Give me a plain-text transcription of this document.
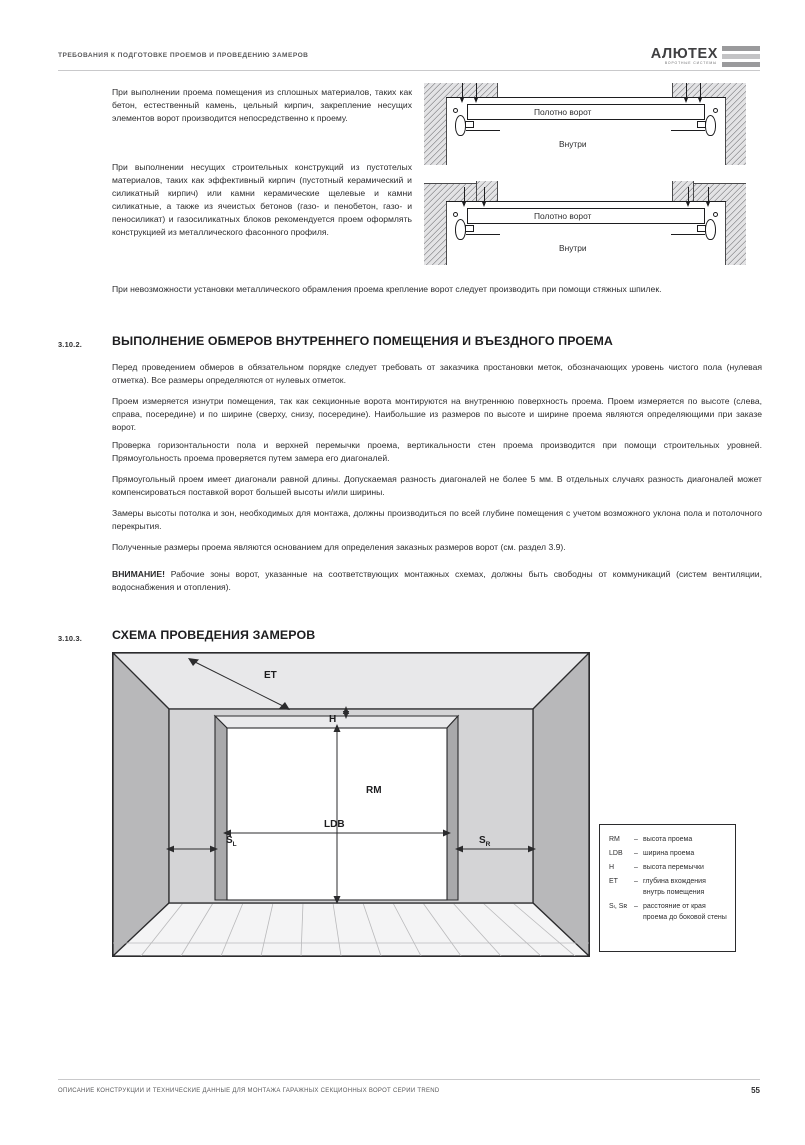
ТРЕБОВАНИЯ К ПОДГОТОВКЕ ПРОЕМОВ И ПРОВЕДЕНИЮ ЗАМЕРОВ	АЛЮТЕХ
ВОРОТНЫЕ СИСТЕМЫ
При выполнении проема помещения из сплошных материалов, таких как бетон, естественный камень, цельный кирпич, закрепление несущих элементов ворот производится непосредственно к проему.
При выполнении несущих строительных конструкций из пустотелых материалов, таких как эффективный кирпич (пустотный керамический и силикатный кирпич) или камни керамические щелевые и камни силикатные, а также из ячеистых бетонов (газо- и пенобетон, газо- и пеносиликат) и газосиликатных блоков рекомендуется проем оформлять конструкцией из металлического фасонного профиля.
При невозможности установки металлического обрамления проема крепление ворот следует производить при помощи стяжных шпилек.
Полотно ворот
Внутри
Полотно ворот
Внутри
3.10.2. ВЫПОЛНЕНИЕ ОБМЕРОВ ВНУТРЕННЕГО ПОМЕЩЕНИЯ И ВЪЕЗДНОГО ПРОЕМА
Перед проведением обмеров в обязательном порядке следует требовать от заказчика простановки меток, обозначающих уровень чистого пола (нулевая отметка). Все размеры определяются от нулевых отметок.
Проем измеряется изнутри помещения, так как секционные ворота монтируются на внутреннюю поверхность проема. Проем измеряется по высоте (слева, справа, посередине) и по ширине (сверху, снизу, посередине). Наибольшие из размеров по высоте и ширине проема являются определяющими при заказе ворот.
Проверка горизонтальности пола и верхней перемычки проема, вертикальности стен проема производится при помощи строительных уровней. Прямоугольность проема проверяется путем замера его диагоналей.
Прямоугольный проем имеет диагонали равной длины. Допускаемая разность диагоналей не более 5 мм. В отдельных случаях разность диагоналей может компенсироваться поставкой ворот большей высоты и/или ширины.
Замеры высоты потолка и зон, необходимых для монтажа, должны производиться по всей глубине помещения с учетом возможного уклона пола и потолочного перекрытия.
Полученные размеры проема являются основанием для определения заказных размеров ворот (см. раздел 3.9).
ВНИМАНИЕ! Рабочие зоны ворот, указанные на соответствующих монтажных схемах, должны быть свободны от коммуникаций (систем вентиляции, водоснабжения и отопления).
3.10.3. СХЕМА ПРОВЕДЕНИЯ ЗАМЕРОВ
ET
H
RM
LDB
$S_L$	$S_R$
RM	– высота проема
LDB	– ширина проема
H	– высота перемычки
ET	– глубина вхождения внутрь помещения
Sₗ, Sʀ – расстояние от края проема до боковой стены
ОПИСАНИЕ КОНСТРУКЦИИ И ТЕХНИЧЕСКИЕ ДАННЫЕ ДЛЯ МОНТАЖА ГАРАЖНЫХ СЕКЦИОННЫХ ВОРОТ СЕРИИ TREND	55
